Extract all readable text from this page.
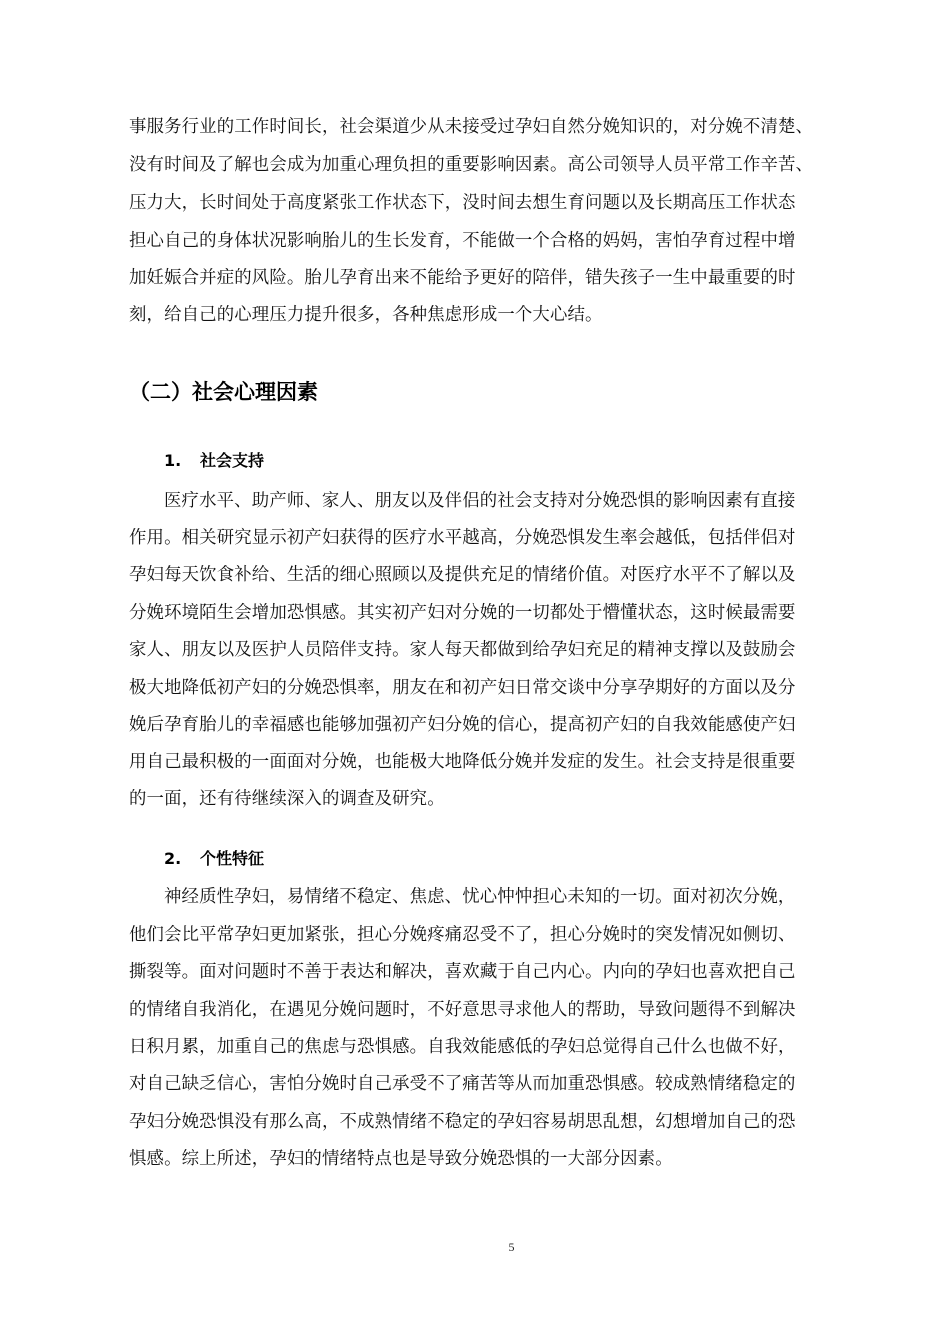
事服务行业的工作时间长，社会渠道少从未接受过孕妇自然分娩知识的，对分娩不清楚、
没有时间及了解也会成为加重心理负担的重要影响因素。高公司领导人员平常工作辛苦、
压力大，长时间处于高度紧张工作状态下，没时间去想生育问题以及长期高压工作状态
担心自己的身体状况影响胎儿的生长发育，不能做一个合格的妈妈，害怕孕育过程中增
加妊娠合并症的风险。胎儿孕育出来不能给予更好的陪伴，错失孩子一生中最重要的时
刻，给自己的心理压力提升很多，各种焦虑形成一个大心结。
（二）社会心理因素
1. 社会支持
医疗水平、助产师、家人、朋友以及伴侣的社会支持对分娩恐惧的影响因素有直接
作用。相关研究显示初产妇获得的医疗水平越高，分娩恐惧发生率会越低，包括伴侣对
孕妇每天饮食补给、生活的细心照顾以及提供充足的情绪价值。对医疗水平不了解以及
分娩环境陌生会增加恐惧感。其实初产妇对分娩的一切都处于懵懂状态，这时候最需要
家人、朋友以及医护人员陪伴支持。家人每天都做到给孕妇充足的精神支撑以及鼓励会
极大地降低初产妇的分娩恐惧率，朋友在和初产妇日常交谈中分享孕期好的方面以及分
娩后孕育胎儿的幸福感也能够加强初产妇分娩的信心，提高初产妇的自我效能感使产妇
用自己最积极的一面面对分娩，也能极大地降低分娩并发症的发生。社会支持是很重要
的一面，还有待继续深入的调查及研究。
2. 个性特征
神经质性孕妇，易情绪不稳定、焦虑、忧心忡忡担心未知的一切。面对初次分娩，
他们会比平常孕妇更加紧张，担心分娩疼痛忍受不了，担心分娩时的突发情况如侧切、
撕裂等。面对问题时不善于表达和解决，喜欢藏于自己内心。内向的孕妇也喜欢把自己
的情绪自我消化，在遇见分娩问题时，不好意思寻求他人的帮助，导致问题得不到解决
日积月累，加重自己的焦虑与恐惧感。自我效能感低的孕妇总觉得自己什么也做不好，
对自己缺乏信心，害怕分娩时自己承受不了痛苦等从而加重恐惧感。较成熟情绪稳定的
孕妇分娩恐惧没有那么高，不成熟情绪不稳定的孕妇容易胡思乱想，幻想增加自己的恐
惧感。综上所述，孕妇的情绪特点也是导致分娩恐惧的一大部分因素。
5
